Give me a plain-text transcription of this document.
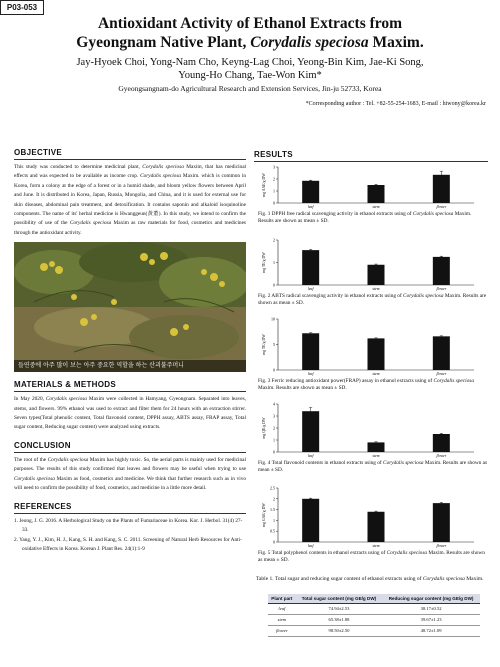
P03-053
Antioxidant Activity of Ethanol Extracts from
Gyeongnam Native Plant, Corydalis speciosa Maxim.
Jay-Hyoek Choi, Yong-Nam Cho, Keyng-Lag Choi, Yeong-Bin Kim, Jae-Ki Song,
Young-Ho Chang, Tae-Won Kim*
Gyeongsangnam-do Agricultural Research and Extension Services, Jin-ju 52733, Korea
*Corresponding author : Tel. +82-55-254-1683, E-mail : hiwony@korea.kr
OBJECTIVE
This study was conducted to determine medicinal plant, Corydalis speciosa Maxim, that has medicinal effects and was expected to be available as income crop. Corydalis speciosa Maxim. which is common in Korea, form a colony at the edge of a forest or in a humid shade, and bloom yellow flowers between April and June. It is distributed in Korea, Japan, Russia, Mongolia, and China, and it is used for external use for skin diseases, abdominal pain treatment, and detoxification. It contains saponin and alkaloid isoquinoline components. The name of its' herbal medicine is Hwanggeun(黃董). In this study, we intend to confirm the possibility of use of the Corydalis speciosa Maxim as raw materials for food, cosmetics and medicines through the antioxidant activity.
들연중에 아주 많이 보는 아주 중요한 역할을 하는 산괴불주머니
MATERIALS & METHODS
In May 2020, Corydalis speciosa Maxim were collected in Hamyang, Gyeongnam. Separated into leaves, stems, and flowers. 99% ethanol was used to extract and filter them for 24 hours with an extraction stirrer. Seven types(Total phenolic content, Total flavonoid content, DPPH assay, ABTS assay, FRAP assay, Total sugar content, Reducing sugar content) were analyzed using extracts.
CONCLUSION
The root of the Corydalis speciosa Maxim has highly toxic. So, the aerial parts is mainly used for medicinal purposes. The results of this study confirmed that leaves and flowers may be useful when trying to use Corydalis speciosa Maxim as food, cosmetics and medicine. We think that further research such as in vivo will need to confirm the possibility of food, cosmetics, and medicine in a little more detail.
REFERENCES
1. Jeong, J. G. 2016. A Herbological Study on the Plants of Fumariaceae in Korea. Kor. J. Herbol. 31(4) 27-33.
2. Yang, Y. J., Kim, H. J., Kang, S. H. and Kang, S. C. 2011. Screening of Natural Herb Resources for Anti-oxidative Effects in Korea. Korean J. Plant Res. 24(1):1-9
RESULTS
0
1
2
3
mg AAE/g DW
leaf	stem	flower
Fig. 1 DPPH free radical scavenging activity in ethanol extracts using of Corydalis speciosa Maxim. Results are shown as mean ± SD.
0
1
2
mg TE/g DW
leaf	stem	flower
Fig. 2 ABTS radical scavenging activity in ethanol extracts using of Corydalis speciosa Maxim. Results are shown as mean ± SD.
0
5
10
mg TE/g DW
leaf	stem	flower
Fig. 3 Ferric reducing antioxidant power(FRAP) assay in ethanol extracts using of Corydalis speciosa Maxim. Results are shown as mean ± SD.
0
1
2
3
4
mg QE/g DW
leaf	stem	flower
Fig. 4 Total flavonoid contents in ethanol extracts using of Corydalis speciosa Maxim. Results are shown as mean ± SD.
0
0.5
1
1.5
2
2.5
mg GAE/g DW
leaf	stem	flower
Fig. 5 Total polyphenol contents in ethanol extracts using of Corydalis speciosa Maxim. Results are shown as mean ± SD.
Table 1. Total sugar and reducing sugar content of ethanol extracts using of Corydalis speciosa Maxim.
Plant part	Total sugar content (mg GE/g DW)	Reducing sugar content (mg GE/g DW)
leaf	74.94±2.53	38.17±0.52
stem	65.38±1.88	39.67±1.23
flower	98.50±2.50	48.72±1.09
